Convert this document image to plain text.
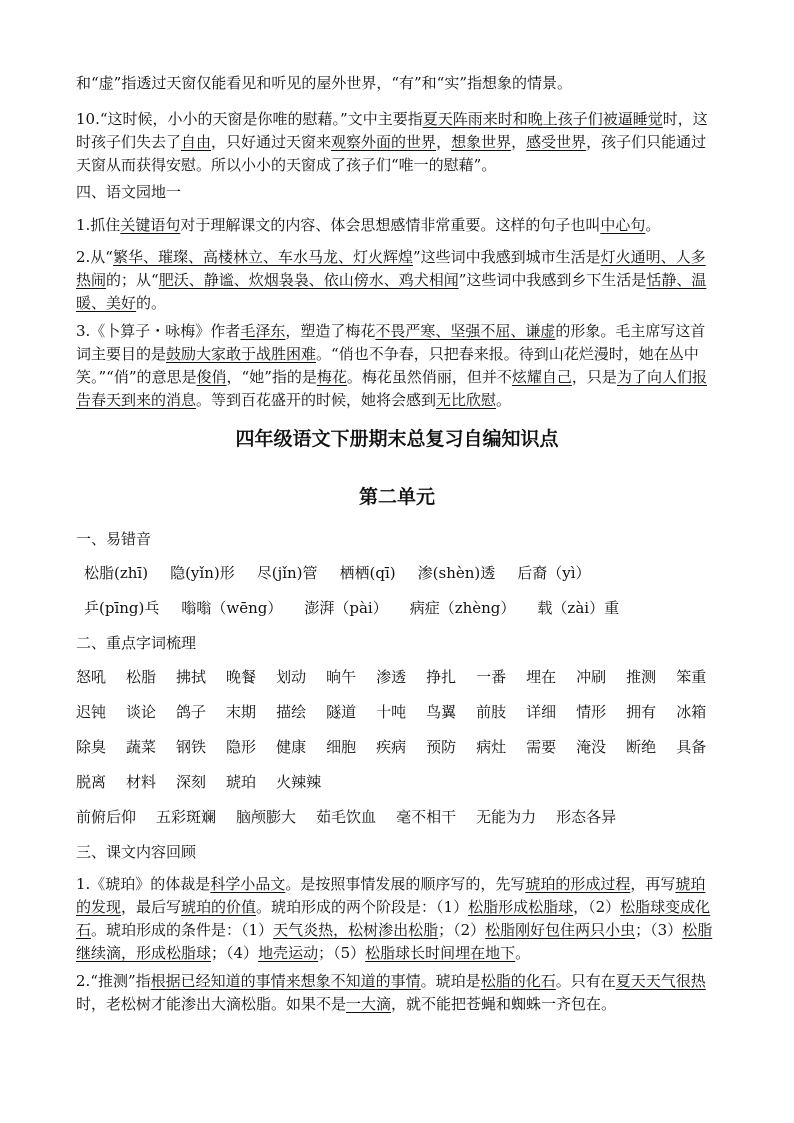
和“虚”指透过天窗仅能看见和听见的屋外世界，“有”和“实”指想象的情景。

10.“这时候，小小的天窗是你唯的慰藉。”文中主要指夏天阵雨来时和晚上孩子们被逼睡觉时，这时孩子们失去了自由，只好通过天窗来观察外面的世界，想象世界，感受世界，孩子们只能通过天窗从而获得安慰。所以小小的天窗成了孩子们“唯一的慰藉”。

四、语文园地一

1.抓住关键语句对于理解课文的内容、体会思想感情非常重要。这样的句子也叫中心句。

2.从“繁华、璀璨、高楼林立、车水马龙、灯火辉煌”这些词中我感到城市生活是灯火通明、人多热闹的；从“肥沃、静谧、炊烟袅袅、依山傍水、鸡犬相闻”这些词中我感到乡下生活是恬静、温暖、美好的。

3.《卜算子・咏梅》作者毛泽东，塑造了梅花不畏严寒、坚强不屈、谦虚的形象。毛主席写这首词主要目的是鼓励大家敢于战胜困难。“俏也不争春，只把春来报。待到山花烂漫时，她在丛中笑。”“俏”的意思是俊俏，“她”指的是梅花。梅花虽然俏丽，但并不炫耀自己，只是为了向人们报告春天到来的消息。等到百花盛开的时候，她将会感到无比欣慰。

四年级语文下册期末总复习自编知识点
第二单元

一、易错音

松脂(zhī) 隐(yǐn)形 尽(jǐn)管 栖栖(qī) 渗(shèn)透 后裔（yì）
乒(pīng)乓 嗡嗡（wēng） 澎湃（pài） 病症（zhèng） 载（zài）重

二、重点字词梳理

怒吼 松脂 拂拭 晚餐 划动 晌午 渗透 挣扎 一番 埋在 冲刷 推测 笨重
迟钝 谈论 鸽子 末期 描绘 隧道 十吨 鸟翼 前肢 详细 情形 拥有 冰箱
除臭 蔬菜 钢铁 隐形 健康 细胞 疾病 预防 病灶 需要 淹没 断绝 具备
脱离 材料 深刻 琥珀 火辣辣
前俯后仰 五彩斑斓 脑颅膨大 茹毛饮血 毫不相干 无能为力 形态各异

三、课文内容回顾

1.《琥珀》的体裁是科学小品文。是按照事情发展的顺序写的，先写琥珀的形成过程，再写琥珀的发现，最后写琥珀的价值。琥珀形成的两个阶段是：（1）松脂形成松脂球，（2）松脂球变成化石。琥珀形成的条件是：（1）天气炎热，松树渗出松脂；（2）松脂刚好包住两只小虫；（3）松脂继续滴，形成松脂球；（4）地壳运动；（5）松脂球长时间埋在地下。

2.“推测”指根据已经知道的事情来想象不知道的事情。琥珀是松脂的化石。只有在夏天天气很热时，老松树才能渗出大滴松脂。如果不是一大滴，就不能把苍蝇和蜘蛛一齐包在。
